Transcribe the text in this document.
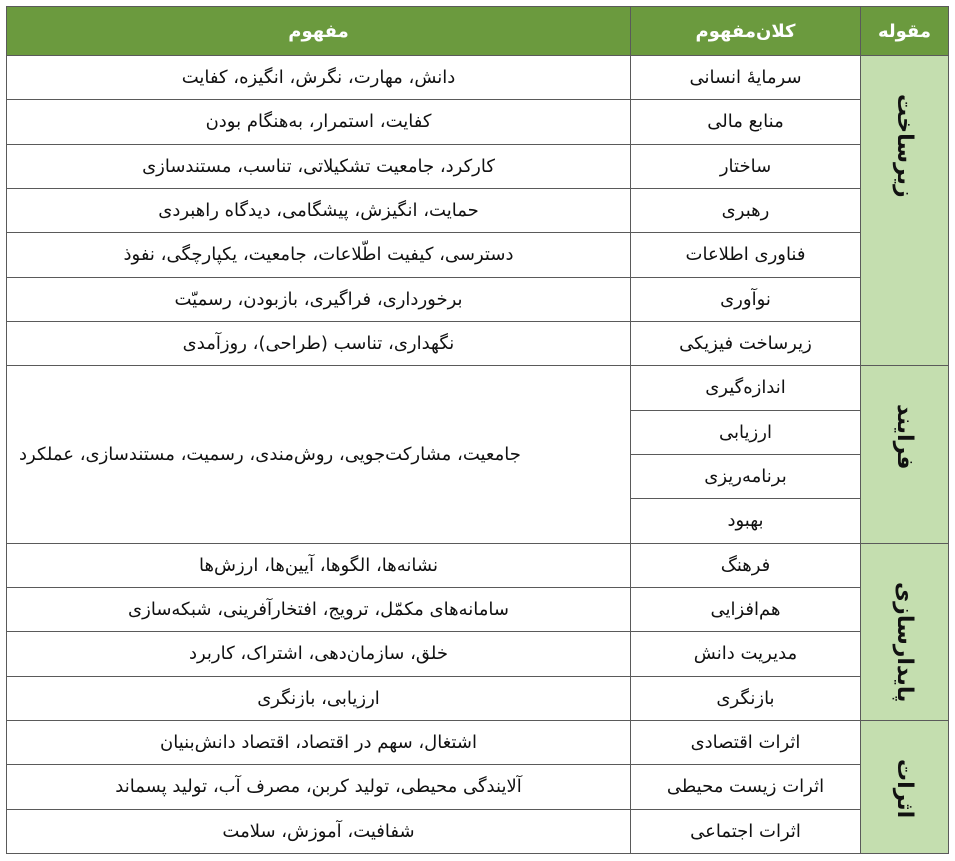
مقوله	کلان‌مفهوم	مفهوم
زیرساخت	سرمایهٔ انسانی	دانش، مهارت، نگرش، انگیزه، کفایت
	منابع مالی	کفایت، استمرار، به‌هنگام بودن
	ساختار	کارکرد، جامعیت تشکیلاتی، تناسب، مستندسازی
	رهبری	حمایت، انگیزش، پیشگامی، دیدگاه راهبردی
	فناوری اطلاعات	دسترسی، کیفیت اطّلاعات، جامعیت، یکپارچگی، نفوذ
	نوآوری	برخورداری، فراگیری، بازبودن، رسمیّت
	زیرساخت فیزیکی	نگهداری، تناسب (طراحی)، روزآمدی
فرایند	اندازه‌گیری	جامعیت، مشارکت‌جویی، روش‌مندی، رسمیت، مستندسازی، عملکرد
	ارزیابی	
	برنامه‌ریزی	
	بهبود	
پایدارسازی	فرهنگ	نشانه‌ها، الگوها، آیین‌ها، ارزش‌ها
	هم‌افزایی	سامانه‌های مکمّل، ترویج، افتخارآفرینی، شبکه‌سازی
	مدیریت دانش	خلق، سازمان‌دهی، اشتراک، کاربرد
	بازنگری	ارزیابی، بازنگری
اثرات	اثرات اقتصادی	اشتغال، سهم در اقتصاد، اقتصاد دانش‌بنیان
	اثرات زیست محیطی	آلایندگی محیطی، تولید کربن، مصرف آب، تولید پسماند
	اثرات اجتماعی	شفافیت، آموزش، سلامت
